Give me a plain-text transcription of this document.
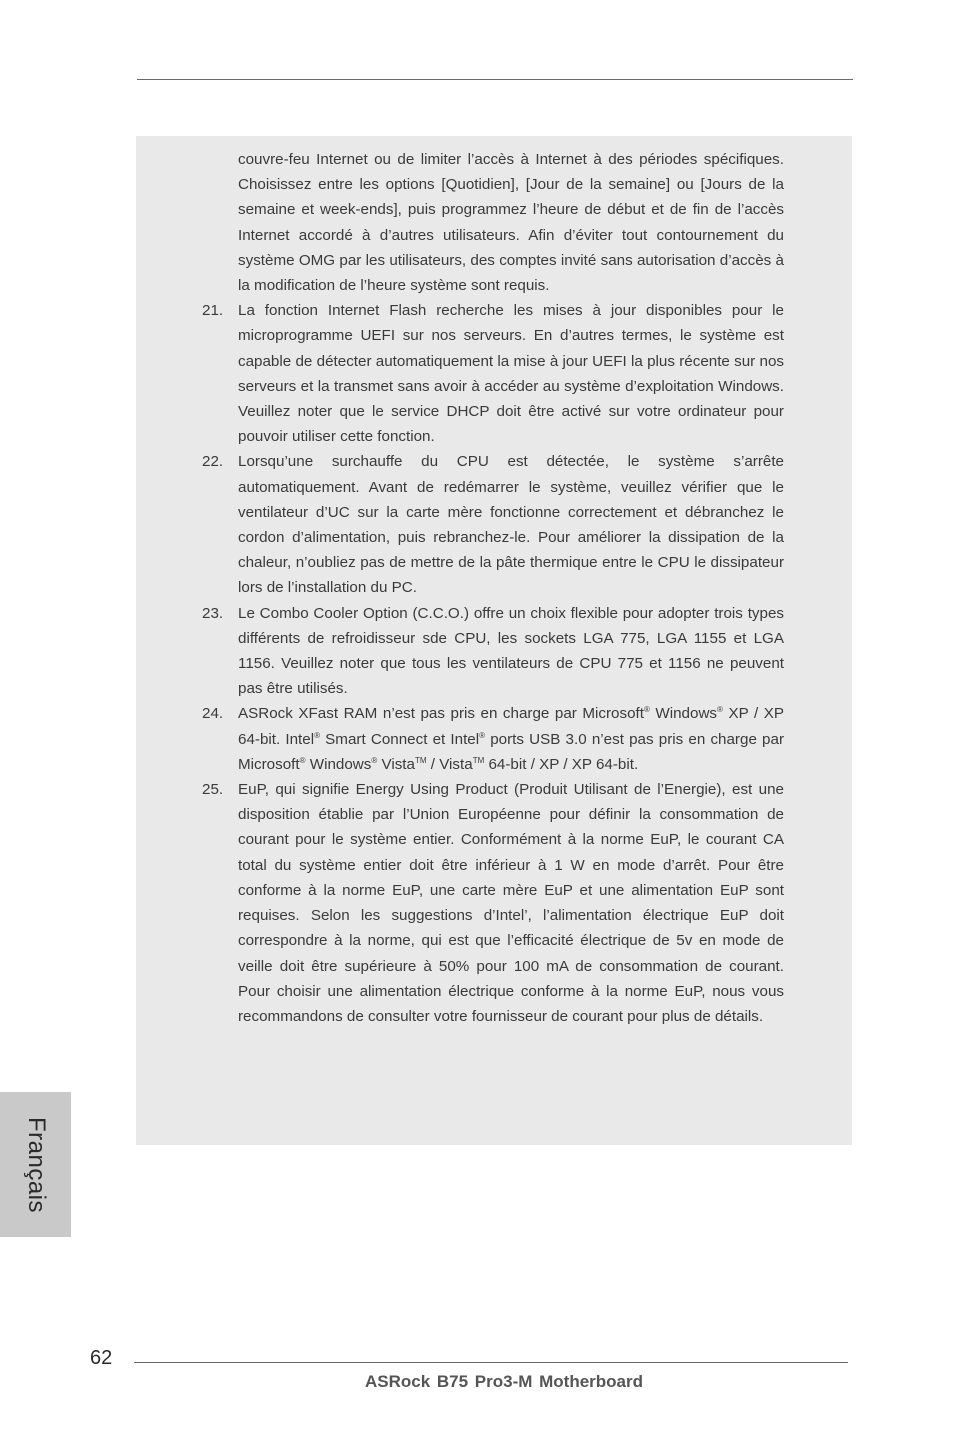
couvre-feu Internet ou de limiter l’accès à Internet à des périodes spécifiques. Choisissez entre les options [Quotidien], [Jour de la semaine] ou [Jours de la semaine et week-ends], puis programmez l’heure de début et de fin de l’accès Internet accordé à d’autres utilisateurs. Afin d’éviter tout contournement du système OMG par les utilisateurs, des comptes invité sans autorisation d’accès à la modification de l’heure système sont requis.

21. La fonction Internet Flash recherche les mises à jour disponibles pour le microprogramme UEFI sur nos serveurs. En d’autres termes, le système est capable de détecter automatiquement la mise à jour UEFI la plus récente sur nos serveurs et la transmet sans avoir à accéder au système d’exploitation Windows. Veuillez noter que le service DHCP doit être activé sur votre ordinateur pour pouvoir utiliser cette fonction.

22. Lorsqu’une surchauffe du CPU est détectée, le système s’arrête automatiquement. Avant de redémarrer le système, veuillez vérifier que le ventilateur d’UC sur la carte mère fonctionne correctement et débranchez le cordon d’alimentation, puis rebranchez-le. Pour améliorer la dissipation de la chaleur, n’oubliez pas de mettre de la pâte thermique entre le CPU le dissipateur lors de l’installation du PC.

23. Le Combo Cooler Option (C.C.O.) offre un choix flexible pour adopter trois types différents de refroidisseur sde CPU, les sockets LGA 775, LGA 1155 et LGA 1156. Veuillez noter que tous les ventilateurs de CPU 775 et 1156 ne peuvent pas être utilisés.

24. ASRock XFast RAM n’est pas pris en charge par Microsoft® Windows® XP / XP 64-bit. Intel® Smart Connect et Intel® ports USB 3.0 n’est pas pris en charge par Microsoft® Windows® Vista™ / Vista™ 64-bit / XP / XP 64-bit.

25. EuP, qui signifie Energy Using Product (Produit Utilisant de l’Energie), est une disposition établie par l’Union Européenne pour définir la consommation de courant pour le système entier. Conformément à la norme EuP, le courant CA total du système entier doit être inférieur à 1 W en mode d’arrêt. Pour être conforme à la norme EuP, une carte mère EuP et une alimentation EuP sont requises. Selon les suggestions d’Intel’, l’alimentation électrique EuP doit correspondre à la norme, qui est que l’efficacité électrique de 5v en mode de veille doit être supérieure à 50% pour 100 mA de consommation de courant. Pour choisir une alimentation électrique conforme à la norme EuP, nous vous recommandons de consulter votre fournisseur de courant pour plus de détails.

Français
62
ASRock B75 Pro3-M Motherboard
